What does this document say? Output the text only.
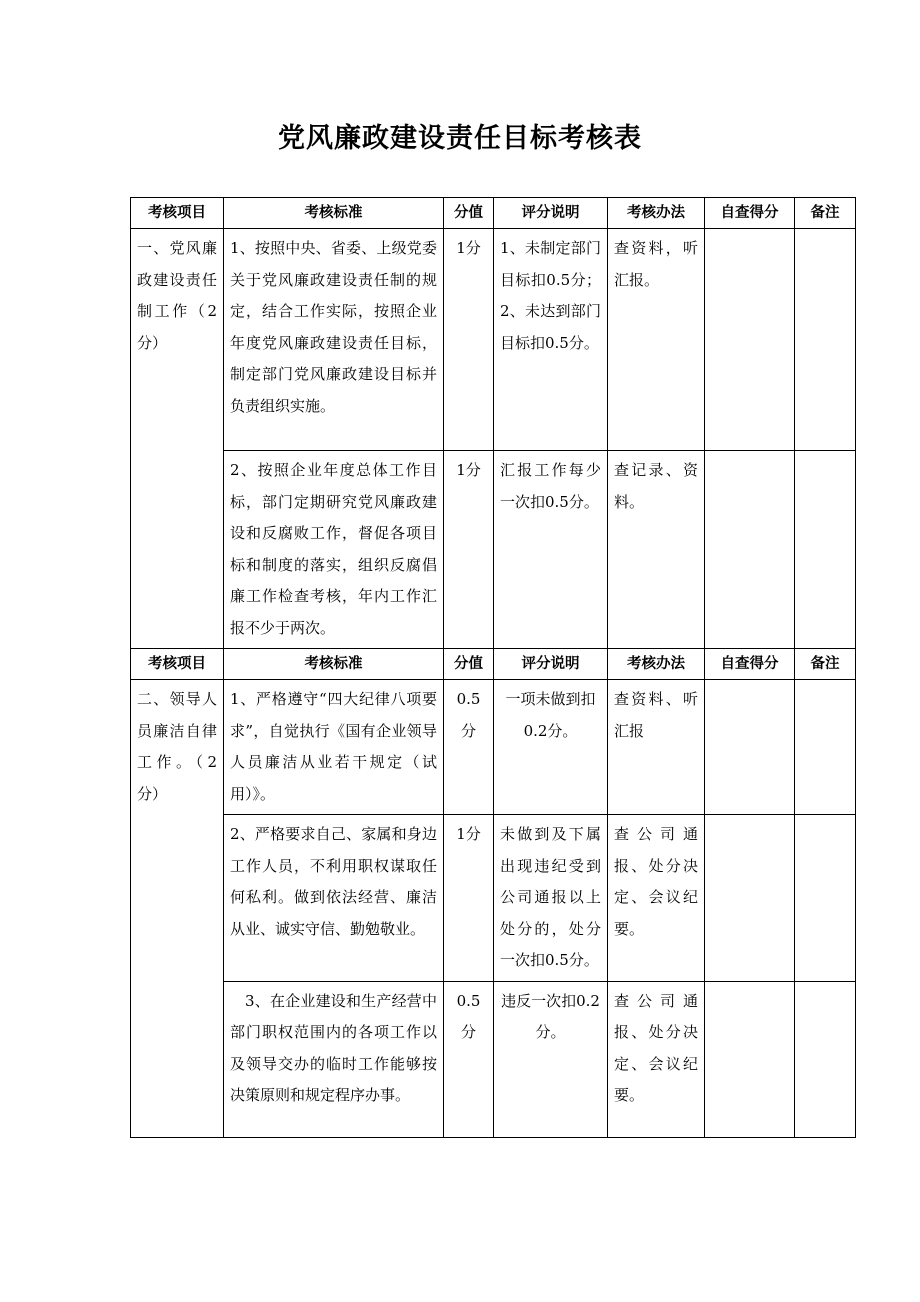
党风廉政建设责任目标考核表
考核项目	考核标准	分值	评分说明	考核办法	自查得分	备注
一、党风廉政建设责任制工作（2分）	1、按照中央、省委、上级党委关于党风廉政建设责任制的规定，结合工作实际，按照企业年度党风廉政建设责任目标，制定部门党风廉政建设目标并负责组织实施。	1分	1、未制定部门目标扣0.5分；2、未达到部门目标扣0.5分。	查资料，听汇报。		
	2、按照企业年度总体工作目标，部门定期研究党风廉政建设和反腐败工作，督促各项目标和制度的落实，组织反腐倡廉工作检查考核，年内工作汇报不少于两次。	1分	汇报工作每少一次扣0.5分。	查记录、资料。		
考核项目	考核标准	分值	评分说明	考核办法	自查得分	备注
二、领导人员廉洁自律工作。（2分）	1、严格遵守“四大纪律八项要求”，自觉执行《国有企业领导人员廉洁从业若干规定（试用）》。	0.5分	一项未做到扣0.2分。	查资料、听汇报		
	2、严格要求自己、家属和身边工作人员，不利用职权谋取任何私利。做到依法经营、廉洁从业、诚实守信、勤勉敬业。	1分	未做到及下属出现违纪受到公司通报以上处分的，处分一次扣0.5分。	查公司通报、处分决定、会议纪要。		
	3、在企业建设和生产经营中部门职权范围内的各项工作以及领导交办的临时工作能够按决策原则和规定程序办事。	0.5分	违反一次扣0.2分。	查公司通报、处分决定、会议纪要。		
